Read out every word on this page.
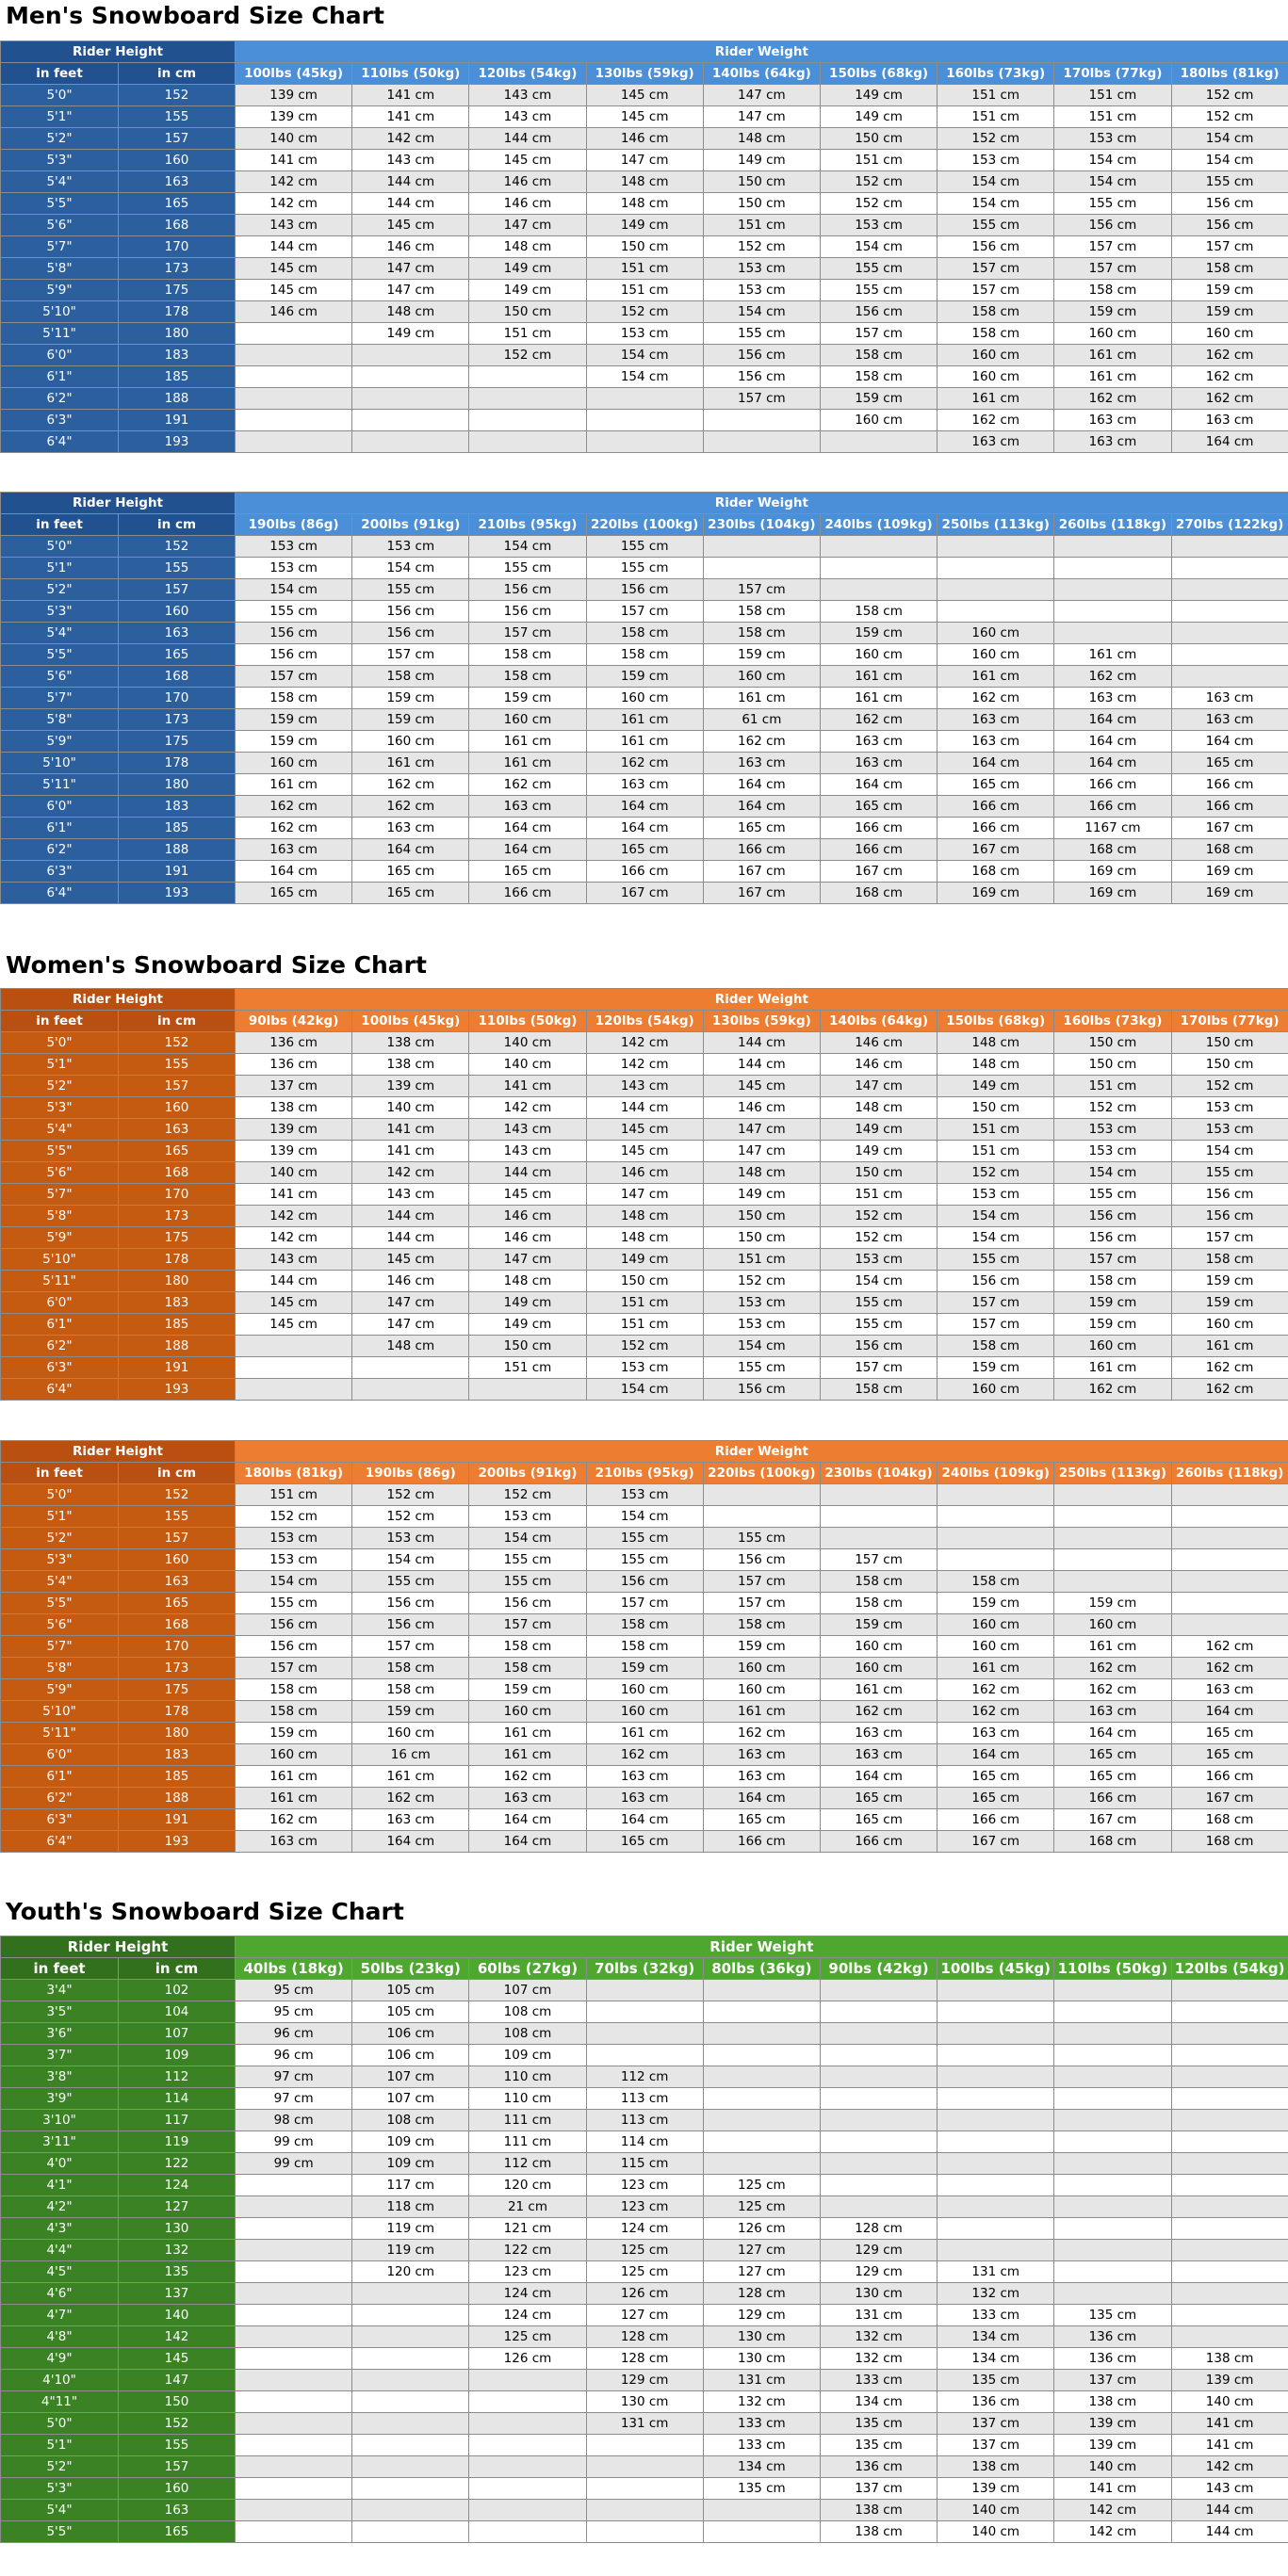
Men's Snowboard Size Chart
Rider Height		Rider Weight								
in feet	in cm	100lbs (45kg)	110lbs (50kg)	120lbs (54kg)	130lbs (59kg)	140lbs (64kg)	150lbs (68kg)	160lbs (73kg)	170lbs (77kg)	180lbs (81kg)
5'0"	152	139 cm	141 cm	143 cm	145 cm	147 cm	149 cm	151 cm	151 cm	152 cm
5'1"	155	139 cm	141 cm	143 cm	145 cm	147 cm	149 cm	151 cm	151 cm	152 cm
5'2"	157	140 cm	142 cm	144 cm	146 cm	148 cm	150 cm	152 cm	153 cm	154 cm
5'3"	160	141 cm	143 cm	145 cm	147 cm	149 cm	151 cm	153 cm	154 cm	154 cm
5'4"	163	142 cm	144 cm	146 cm	148 cm	150 cm	152 cm	154 cm	154 cm	155 cm
5'5"	165	142 cm	144 cm	146 cm	148 cm	150 cm	152 cm	154 cm	155 cm	156 cm
5'6"	168	143 cm	145 cm	147 cm	149 cm	151 cm	153 cm	155 cm	156 cm	156 cm
5'7"	170	144 cm	146 cm	148 cm	150 cm	152 cm	154 cm	156 cm	157 cm	157 cm
5'8"	173	145 cm	147 cm	149 cm	151 cm	153 cm	155 cm	157 cm	157 cm	158 cm
5'9"	175	145 cm	147 cm	149 cm	151 cm	153 cm	155 cm	157 cm	158 cm	159 cm
5'10"	178	146 cm	148 cm	150 cm	152 cm	154 cm	156 cm	158 cm	159 cm	159 cm
5'11"	180		149 cm	151 cm	153 cm	155 cm	157 cm	158 cm	160 cm	160 cm
6'0"	183			152 cm	154 cm	156 cm	158 cm	160 cm	161 cm	162 cm
6'1"	185				154 cm	156 cm	158 cm	160 cm	161 cm	162 cm
6'2"	188					157 cm	159 cm	161 cm	162 cm	162 cm
6'3"	191						160 cm	162 cm	163 cm	163 cm
6'4"	193							163 cm	163 cm	164 cm
Rider Height		Rider Weight								
in feet	in cm	190lbs (86g)	200lbs (91kg)	210lbs (95kg)	220lbs (100kg)	230lbs (104kg)	240lbs (109kg)	250lbs (113kg)	260lbs (118kg)	270lbs (122kg)
5'0"	152	153 cm	153 cm	154 cm	155 cm					
5'1"	155	153 cm	154 cm	155 cm	155 cm					
5'2"	157	154 cm	155 cm	156 cm	156 cm	157 cm				
5'3"	160	155 cm	156 cm	156 cm	157 cm	158 cm	158 cm			
5'4"	163	156 cm	156 cm	157 cm	158 cm	158 cm	159 cm	160 cm		
5'5"	165	156 cm	157 cm	158 cm	158 cm	159 cm	160 cm	160 cm	161 cm	
5'6"	168	157 cm	158 cm	158 cm	159 cm	160 cm	161 cm	161 cm	162 cm	
5'7"	170	158 cm	159 cm	159 cm	160 cm	161 cm	161 cm	162 cm	163 cm	163 cm
5'8"	173	159 cm	159 cm	160 cm	161 cm	61 cm	162 cm	163 cm	164 cm	163 cm
5'9"	175	159 cm	160 cm	161 cm	161 cm	162 cm	163 cm	163 cm	164 cm	164 cm
5'10"	178	160 cm	161 cm	161 cm	162 cm	163 cm	163 cm	164 cm	164 cm	165 cm
5'11"	180	161 cm	162 cm	162 cm	163 cm	164 cm	164 cm	165 cm	166 cm	166 cm
6'0"	183	162 cm	162 cm	163 cm	164 cm	164 cm	165 cm	166 cm	166 cm	166 cm
6'1"	185	162 cm	163 cm	164 cm	164 cm	165 cm	166 cm	166 cm	1167 cm	167 cm
6'2"	188	163 cm	164 cm	164 cm	165 cm	166 cm	166 cm	167 cm	168 cm	168 cm
6'3"	191	164 cm	165 cm	165 cm	166 cm	167 cm	167 cm	168 cm	169 cm	169 cm
6'4"	193	165 cm	165 cm	166 cm	167 cm	167 cm	168 cm	169 cm	169 cm	169 cm
Women's Snowboard Size Chart
Rider Height		Rider Weight								
in feet	in cm	90lbs (42kg)	100lbs (45kg)	110lbs (50kg)	120lbs (54kg)	130lbs (59kg)	140lbs (64kg)	150lbs (68kg)	160lbs (73kg)	170lbs (77kg)
5'0"	152	136 cm	138 cm	140 cm	142 cm	144 cm	146 cm	148 cm	150 cm	150 cm
5'1"	155	136 cm	138 cm	140 cm	142 cm	144 cm	146 cm	148 cm	150 cm	150 cm
5'2"	157	137 cm	139 cm	141 cm	143 cm	145 cm	147 cm	149 cm	151 cm	152 cm
5'3"	160	138 cm	140 cm	142 cm	144 cm	146 cm	148 cm	150 cm	152 cm	153 cm
5'4"	163	139 cm	141 cm	143 cm	145 cm	147 cm	149 cm	151 cm	153 cm	153 cm
5'5"	165	139 cm	141 cm	143 cm	145 cm	147 cm	149 cm	151 cm	153 cm	154 cm
5'6"	168	140 cm	142 cm	144 cm	146 cm	148 cm	150 cm	152 cm	154 cm	155 cm
5'7"	170	141 cm	143 cm	145 cm	147 cm	149 cm	151 cm	153 cm	155 cm	156 cm
5'8"	173	142 cm	144 cm	146 cm	148 cm	150 cm	152 cm	154 cm	156 cm	156 cm
5'9"	175	142 cm	144 cm	146 cm	148 cm	150 cm	152 cm	154 cm	156 cm	157 cm
5'10"	178	143 cm	145 cm	147 cm	149 cm	151 cm	153 cm	155 cm	157 cm	158 cm
5'11"	180	144 cm	146 cm	148 cm	150 cm	152 cm	154 cm	156 cm	158 cm	159 cm
6'0"	183	145 cm	147 cm	149 cm	151 cm	153 cm	155 cm	157 cm	159 cm	159 cm
6'1"	185	145 cm	147 cm	149 cm	151 cm	153 cm	155 cm	157 cm	159 cm	160 cm
6'2"	188		148 cm	150 cm	152 cm	154 cm	156 cm	158 cm	160 cm	161 cm
6'3"	191			151 cm	153 cm	155 cm	157 cm	159 cm	161 cm	162 cm
6'4"	193				154 cm	156 cm	158 cm	160 cm	162 cm	162 cm
Rider Height		Rider Weight								
in feet	in cm	180lbs (81kg)	190lbs (86g)	200lbs (91kg)	210lbs (95kg)	220lbs (100kg)	230lbs (104kg)	240lbs (109kg)	250lbs (113kg)	260lbs (118kg)
5'0"	152	151 cm	152 cm	152 cm	153 cm					
5'1"	155	152 cm	152 cm	153 cm	154 cm					
5'2"	157	153 cm	153 cm	154 cm	155 cm	155 cm				
5'3"	160	153 cm	154 cm	155 cm	155 cm	156 cm	157 cm			
5'4"	163	154 cm	155 cm	155 cm	156 cm	157 cm	158 cm	158 cm		
5'5"	165	155 cm	156 cm	156 cm	157 cm	157 cm	158 cm	159 cm	159 cm	
5'6"	168	156 cm	156 cm	157 cm	158 cm	158 cm	159 cm	160 cm	160 cm	
5'7"	170	156 cm	157 cm	158 cm	158 cm	159 cm	160 cm	160 cm	161 cm	162 cm
5'8"	173	157 cm	158 cm	158 cm	159 cm	160 cm	160 cm	161 cm	162 cm	162 cm
5'9"	175	158 cm	158 cm	159 cm	160 cm	160 cm	161 cm	162 cm	162 cm	163 cm
5'10"	178	158 cm	159 cm	160 cm	160 cm	161 cm	162 cm	162 cm	163 cm	164 cm
5'11"	180	159 cm	160 cm	161 cm	161 cm	162 cm	163 cm	163 cm	164 cm	165 cm
6'0"	183	160 cm	16 cm	161 cm	162 cm	163 cm	163 cm	164 cm	165 cm	165 cm
6'1"	185	161 cm	161 cm	162 cm	163 cm	163 cm	164 cm	165 cm	165 cm	166 cm
6'2"	188	161 cm	162 cm	163 cm	163 cm	164 cm	165 cm	165 cm	166 cm	167 cm
6'3"	191	162 cm	163 cm	164 cm	164 cm	165 cm	165 cm	166 cm	167 cm	168 cm
6'4"	193	163 cm	164 cm	164 cm	165 cm	166 cm	166 cm	167 cm	168 cm	168 cm
Youth's Snowboard Size Chart
Rider Height		Rider Weight								
in feet	in cm	40lbs (18kg)	50lbs (23kg)	60lbs (27kg)	70lbs (32kg)	80lbs (36kg)	90lbs (42kg)	100lbs (45kg)	110lbs (50kg)	120lbs (54kg)
3'4"	102	95 cm	105 cm	107 cm						
3'5"	104	95 cm	105 cm	108 cm						
3'6"	107	96 cm	106 cm	108 cm						
3'7"	109	96 cm	106 cm	109 cm						
3'8"	112	97 cm	107 cm	110 cm	112 cm					
3'9"	114	97 cm	107 cm	110 cm	113 cm					
3'10"	117	98 cm	108 cm	111 cm	113 cm					
3'11"	119	99 cm	109 cm	111 cm	114 cm					
4'0"	122	99 cm	109 cm	112 cm	115 cm					
4'1"	124		117 cm	120 cm	123 cm	125 cm				
4'2"	127		118 cm	21 cm	123 cm	125 cm				
4'3"	130		119 cm	121 cm	124 cm	126 cm	128 cm			
4'4"	132		119 cm	122 cm	125 cm	127 cm	129 cm			
4'5"	135		120 cm	123 cm	125 cm	127 cm	129 cm	131 cm		
4'6"	137			124 cm	126 cm	128 cm	130 cm	132 cm		
4'7"	140			124 cm	127 cm	129 cm	131 cm	133 cm	135 cm	
4'8"	142			125 cm	128 cm	130 cm	132 cm	134 cm	136 cm	
4'9"	145			126 cm	128 cm	130 cm	132 cm	134 cm	136 cm	138 cm
4'10"	147				129 cm	131 cm	133 cm	135 cm	137 cm	139 cm
4"11"	150				130 cm	132 cm	134 cm	136 cm	138 cm	140 cm
5'0"	152				131 cm	133 cm	135 cm	137 cm	139 cm	141 cm
5'1"	155					133 cm	135 cm	137 cm	139 cm	141 cm
5'2"	157					134 cm	136 cm	138 cm	140 cm	142 cm
5'3"	160					135 cm	137 cm	139 cm	141 cm	143 cm
5'4"	163						138 cm	140 cm	142 cm	144 cm
5'5"	165						138 cm	140 cm	142 cm	144 cm
